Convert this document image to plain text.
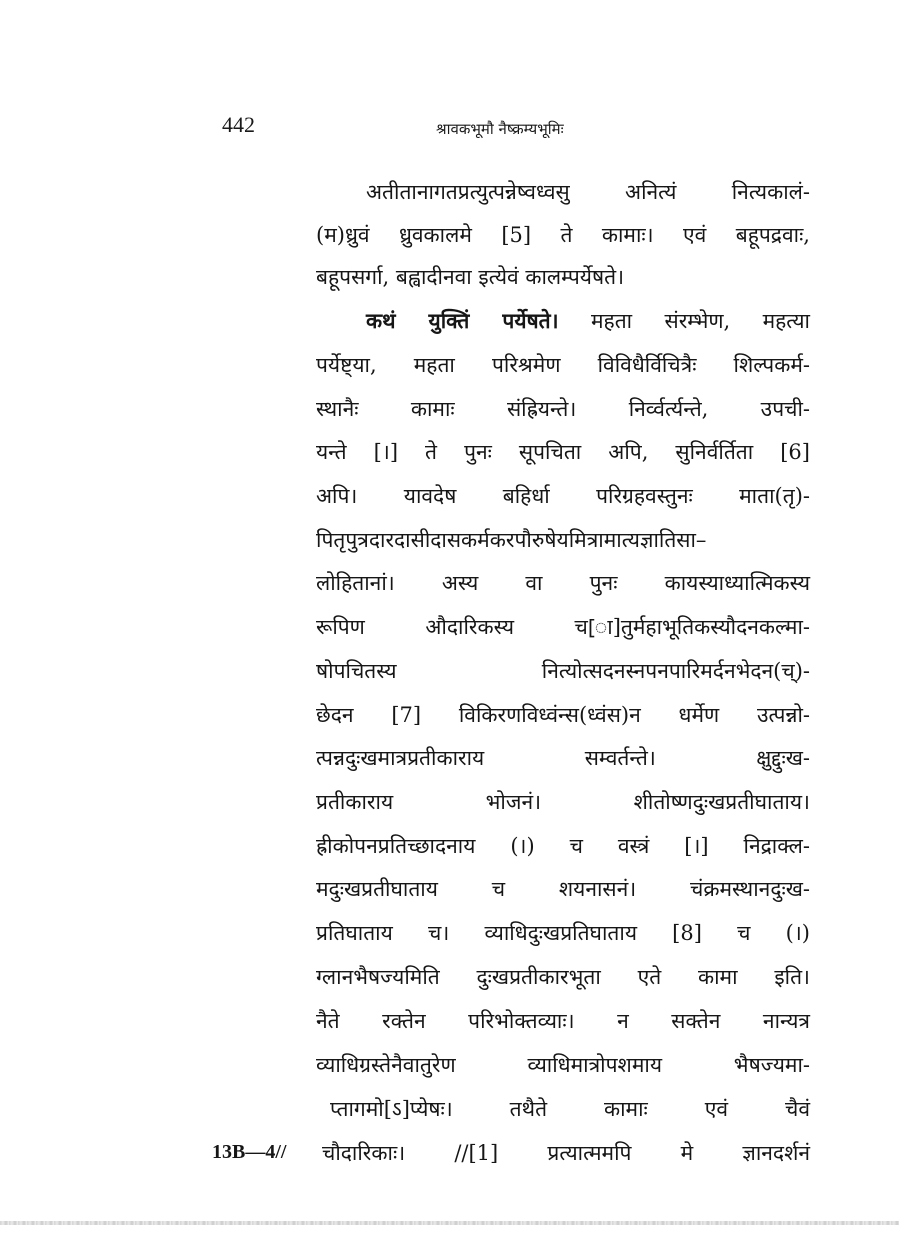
442	श्रावकभूमौ नैष्क्रम्यभूमिः
अतीतानागतप्रत्युत्पन्नेष्वध्वसु अनित्यं नित्यकालं-
(म)ध्रुवं ध्रुवकालमे [5] ते कामाः। एवं बहूपद्रवाः,
बहूपसर्गा, बह्वादीनवा इत्येवं कालम्पर्येषते।
कथं युक्तिं पर्येषते। महता संरम्भेण, महत्या
पर्येष्ट्या, महता परिश्रमेण विविधैर्विचित्रैः शिल्पकर्म-
स्थानैः कामाः संह्रियन्ते। निर्व्वर्त्यन्ते, उपची-
यन्ते [।] ते पुनः सूपचिता अपि, सुनिर्वर्तिता [6]
अपि। यावदेष बहिर्धा परिग्रहवस्तुनः माता(तृ)-
पितृपुत्रदारदासीदासकर्मकरपौरुषेयमित्रामात्यज्ञातिसा–
लोहितानां। अस्य वा पुनः कायस्याध्यात्मिकस्य
रूपिण औदारिकस्य च[ा]तुर्महाभूतिकस्यौदनकल्मा-
षोपचितस्य नित्योत्सदनस्नपनपारिमर्दनभेदन(च्)-
छेदन [7] विकिरणविध्वंन्स(ध्वंस)न धर्मेण उत्पन्नो-
त्पन्नदुःखमात्रप्रतीकाराय सम्वर्तन्ते। क्षुद्दुःख-
प्रतीकाराय भोजनं। शीतोष्णदुःखप्रतीघाताय।
ह्रीकोपनप्रतिच्छादनाय (।) च वस्त्रं [।] निद्राक्ल-
मदुःखप्रतीघाताय च शयनासनं। चंक्रमस्थानदुःख-
प्रतिघाताय च। व्याधिदुःखप्रतिघाताय [8] च (।)
ग्लानभैषज्यमिति दुःखप्रतीकारभूता एते कामा इति।
नैते रक्तेन परिभोक्तव्याः। न सक्तेन नान्यत्र
व्याधिग्रस्तेनैवातुरेण व्याधिमात्रोपशमाय भैषज्यमा-
प्तागमो[ऽ]प्येषः। तथैते कामाः एवं चैवं
13B—4// चौदारिकाः। //[1] प्रत्यात्ममपि मे ज्ञानदर्शनं
